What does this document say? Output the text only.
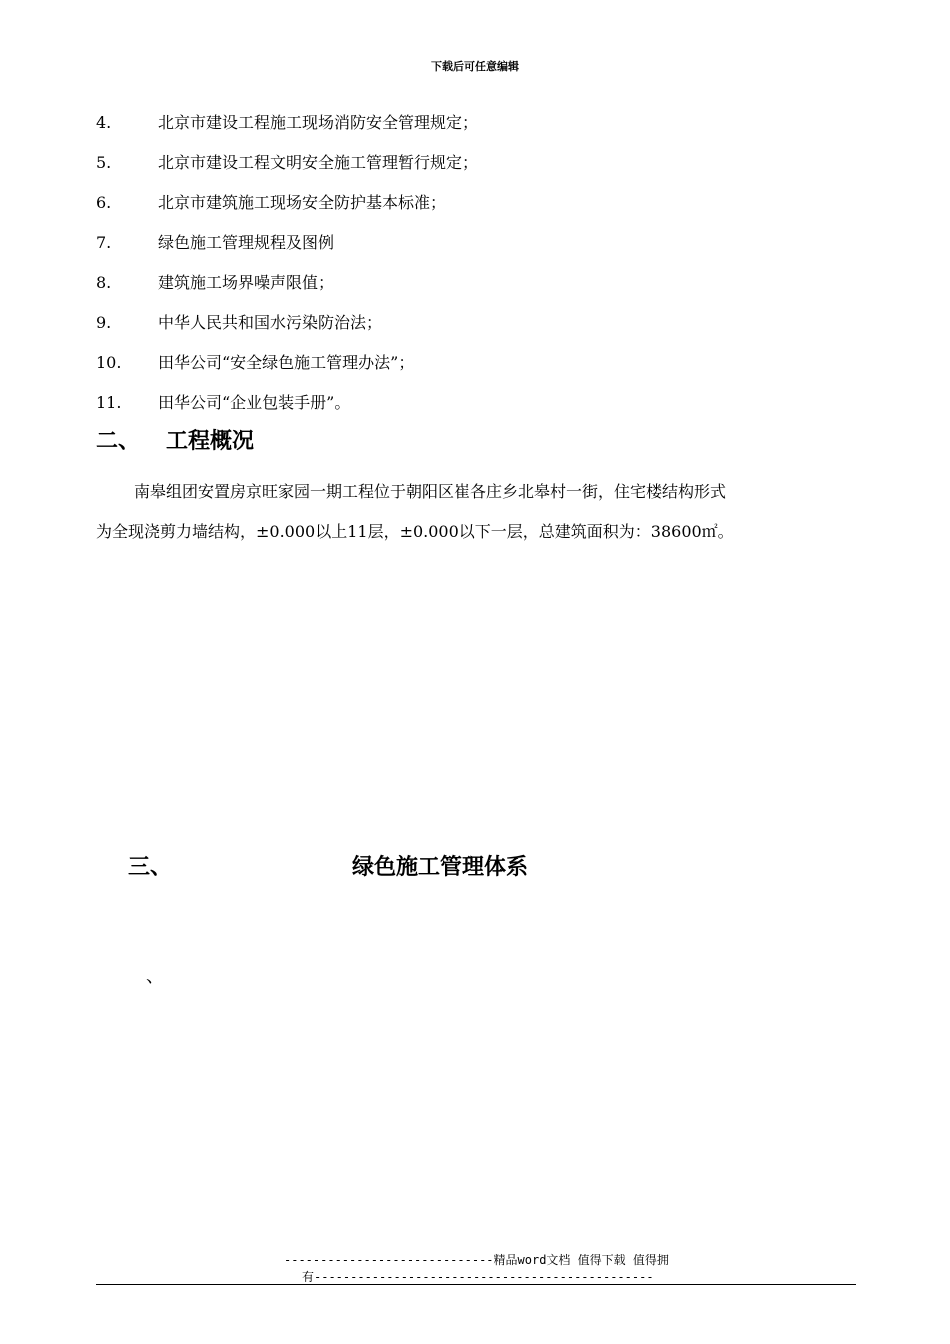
下载后可任意编辑
4.	北京市建设工程施工现场消防安全管理规定；
5.	北京市建设工程文明安全施工管理暂行规定；
6.	北京市建筑施工现场安全防护基本标准；
7.	绿色施工管理规程及图例
8.	建筑施工场界噪声限值；
9.	中华人民共和国水污染防治法；
10. 田华公司“安全绿色施工管理办法”；
11. 田华公司“企业包装手册”。
二、 工程概况
南皋组团安置房京旺家园一期工程位于朝阳区崔各庄乡北皋村一街，住宅楼结构形式
为全现浇剪力墙结构，±0.000以上11层，±0.000以下一层，总建筑面积为：38600㎡。
三、	绿色施工管理体系
、
-----------------------------精品word文档 值得下载 值得拥
有-----------------------------------------------
